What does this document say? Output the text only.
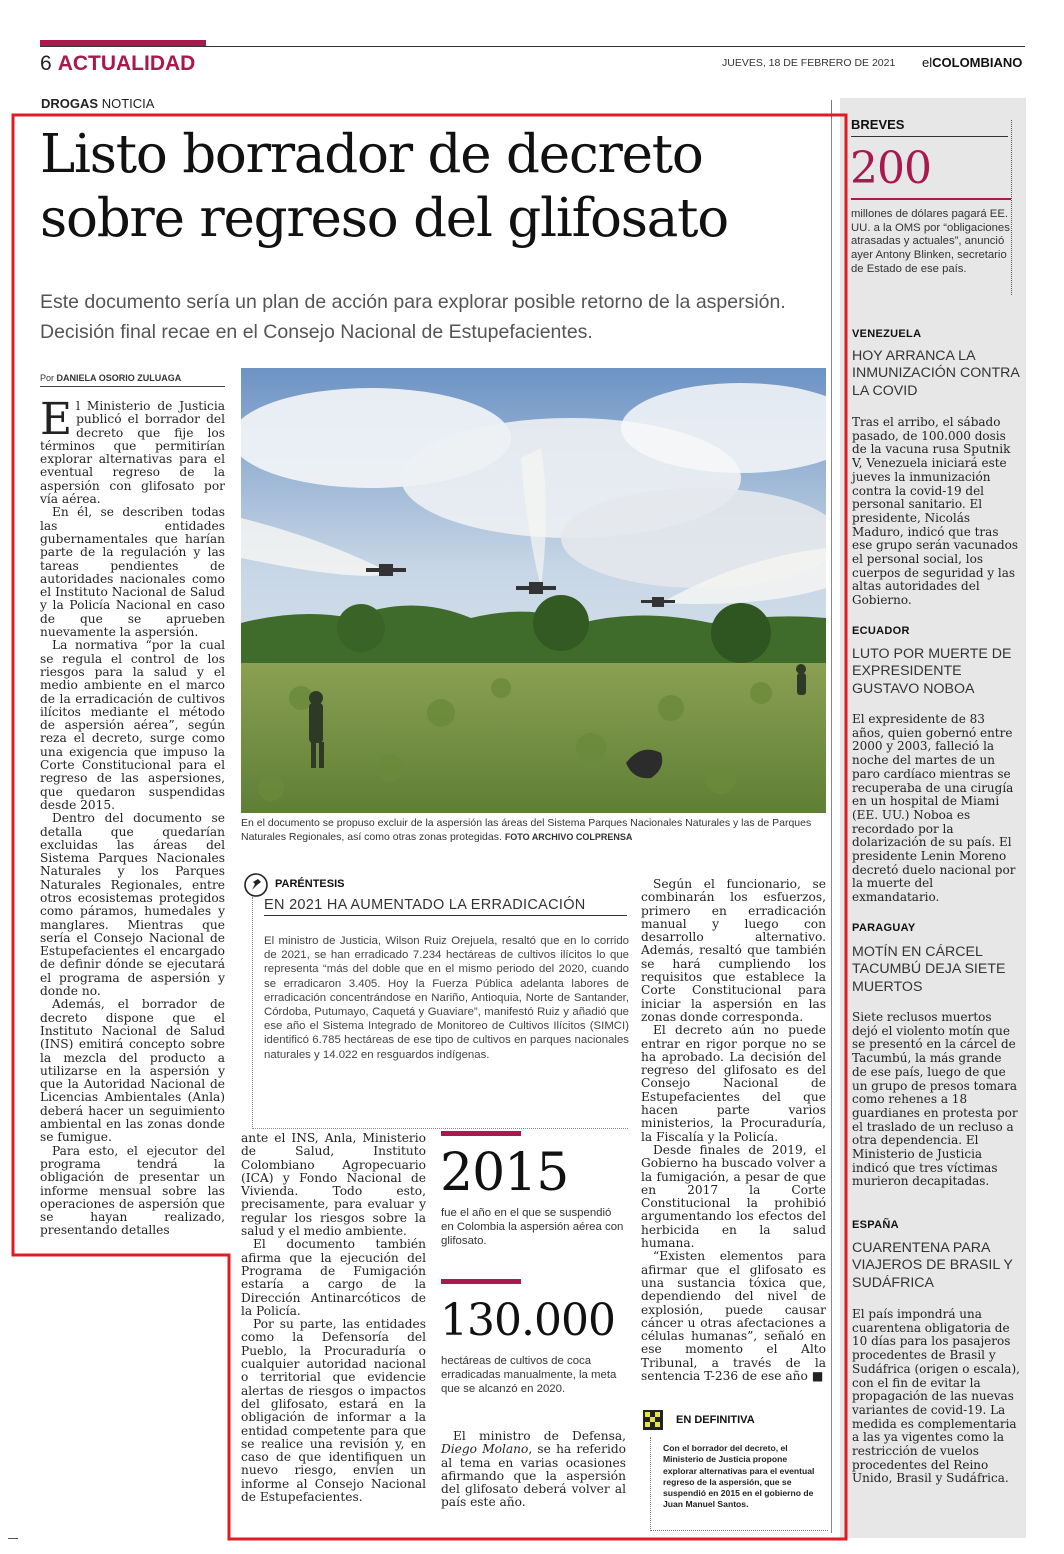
6 ACTUALIDAD	JUEVES, 18 DE FEBRERO DE 2021 elCOLOMBIANO
DROGAS NOTICIA
Listo borrador de decreto
sobre regreso del glifosato
Este documento sería un plan de acción para explorar posible retorno de la aspersión. Decisión final recae en el Consejo Nacional de Estupefacientes.
Por DANIELA OSORIO ZULUAGA

El Ministerio de Justicia publicó el borrador del decreto que fije los términos que permitirían explorar alternativas para el eventual regreso de la aspersión con glifosato por vía aérea.

En él, se describen todas las entidades gubernamentales que harían parte de la regulación y las tareas pendientes de autoridades nacionales como el Instituto Nacional de Salud y la Policía Nacional en caso de que se aprueben nuevamente la aspersión.

La normativa “por la cual se regula el control de los riesgos para la salud y el medio ambiente en el marco de la erradicación de cultivos ilícitos mediante el método de aspersión aérea”, según reza el decreto, surge como una exigencia que impuso la Corte Constitucional para el regreso de las aspersiones, que quedaron suspendidas desde 2015.

Dentro del documento se detalla que quedarían excluidas las áreas del Sistema Parques Nacionales Naturales y los Parques Naturales Regionales, entre otros ecosistemas protegidos como páramos, humedales y manglares. Mientras que sería el Consejo Nacional de Estupefacientes el encargado de definir dónde se ejecutará el programa de aspersión y donde no.

Además, el borrador de decreto dispone que el Instituto Nacional de Salud (INS) emitirá concepto sobre la mezcla del producto a utilizarse en la aspersión y que la Autoridad Nacional de Licencias Ambientales (Anla) deberá hacer un seguimiento ambiental en las zonas donde se fumigue.

Para esto, el ejecutor del programa tendrá la obligación de presentar un informe mensual sobre las operaciones de aspersión que se hayan realizado, presentando detalles

En el documento se propuso excluir de la aspersión las áreas del Sistema Parques Nacionales Naturales y las de Parques Naturales Regionales, así como otras zonas protegidas. FOTO ARCHIVO COLPRENSA
PARÉNTESIS
EN 2021 HA AUMENTADO LA ERRADICACIÓN
El ministro de Justicia, Wilson Ruiz Orejuela, resaltó que en lo corrido de 2021, se han erradicado 7.234 hectáreas de cultivos ilícitos lo que representa “más del doble que en el mismo periodo del 2020, cuando se erradicaron 3.405. Hoy la Fuerza Pública adelanta labores de erradicación concentrándose en Nariño, Antioquia, Norte de Santander, Córdoba, Putumayo, Caquetá y Guaviare”, manifestó Ruiz y añadió que ese año el Sistema Integrado de Monitoreo de Cultivos Ilícitos (SIMCI) identificó 6.785 hectáreas de ese tipo de cultivos en parques nacionales naturales y 14.022 en resguardos indígenas.

ante el INS, Anla, Ministerio de Salud, Instituto Colombiano Agropecuario (ICA) y Fondo Nacional de Vivienda. Todo esto, precisamente, para evaluar y regular los riesgos sobre la salud y el medio ambiente.

El documento también afirma que la ejecución del Programa de Fumigación estaría a cargo de la Dirección Antinarcóticos de la Policía.

Por su parte, las entidades como la Defensoría del Pueblo, la Procuraduría o cualquier autoridad nacional o territorial que evidencie alertas de riesgos o impactos del glifosato, estará en la obligación de informar a la entidad competente para que se realice una revisión y, en caso de que identifiquen un nuevo riesgo, envíen un informe al Consejo Nacional de Estupefacientes.

2015
fue el año en el que se suspendió en Colombia la aspersión aérea con glifosato.
130.000
hectáreas de cultivos de coca erradicadas manualmente, la meta que se alcanzó en 2020.

El ministro de Defensa, Diego Molano, se ha referido al tema en varias ocasiones afirmando que la aspersión del glifosato deberá volver al país este año.

Según el funcionario, se combinarán los esfuerzos, primero en erradicación manual y luego con desarrollo alternativo. Además, resaltó que también se hará cumpliendo los requisitos que establece la Corte Constitucional para iniciar la aspersión en las zonas donde corresponda.

El decreto aún no puede entrar en rigor porque no se ha aprobado. La decisión del regreso del glifosato es del Consejo Nacional de Estupefacientes del que hacen parte varios ministerios, la Procuraduría, la Fiscalía y la Policía.

Desde finales de 2019, el Gobierno ha buscado volver a la fumigación, a pesar de que en 2017 la Corte Constitucional la prohibió argumentando los efectos del herbicida en la salud humana.

“Existen elementos para afirmar que el glifosato es una sustancia tóxica que, dependiendo del nivel de explosión, puede causar cáncer u otras afectaciones a células humanas”, señaló en ese momento el Alto Tribunal, a través de la sentencia T-236 de ese año ■

EN DEFINITIVA
Con el borrador del decreto, el Ministerio de Justicia propone explorar alternativas para el eventual regreso de la aspersión, que se suspendió en 2015 en el gobierno de Juan Manuel Santos.
BREVES
200
millones de dólares pagará EE. UU. a la OMS por “obligaciones atrasadas y actuales”, anunció ayer Antony Blinken, secretario de Estado de ese país.
VENEZUELA
HOY ARRANCA LA INMUNIZACIÓN CONTRA LA COVID
Tras el arribo, el sábado pasado, de 100.000 dosis de la vacuna rusa Sputnik V, Venezuela iniciará este jueves la inmunización contra la covid-19 del personal sanitario. El presidente, Nicolás Maduro, indicó que tras ese grupo serán vacunados el personal social, los cuerpos de seguridad y las altas autoridades del Gobierno.
ECUADOR
LUTO POR MUERTE DE EXPRESIDENTE GUSTAVO NOBOA
El expresidente de 83 años, quien gobernó entre 2000 y 2003, falleció la noche del martes de un paro cardíaco mientras se recuperaba de una cirugía en un hospital de Miami (EE. UU.) Noboa es recordado por la dolarización de su país. El presidente Lenin Moreno decretó duelo nacional por la muerte del exmandatario.
PARAGUAY
MOTÍN EN CÁRCEL TACUMBÚ DEJA SIETE MUERTOS
Siete reclusos muertos dejó el violento motín que se presentó en la cárcel de Tacumbú, la más grande de ese país, luego de que un grupo de presos tomara como rehenes a 18 guardianes en protesta por el traslado de un recluso a otra dependencia. El Ministerio de Justicia indicó que tres víctimas murieron decapitadas.
ESPAÑA
CUARENTENA PARA VIAJEROS DE BRASIL Y SUDÁFRICA
El país impondrá una cuarentena obligatoria de 10 días para los pasajeros procedentes de Brasil y Sudáfrica (origen o escala), con el fin de evitar la propagación de las nuevas variantes de covid-19. La medida es complementaria a las ya vigentes como la restricción de vuelos procedentes del Reino Unido, Brasil y Sudáfrica.
